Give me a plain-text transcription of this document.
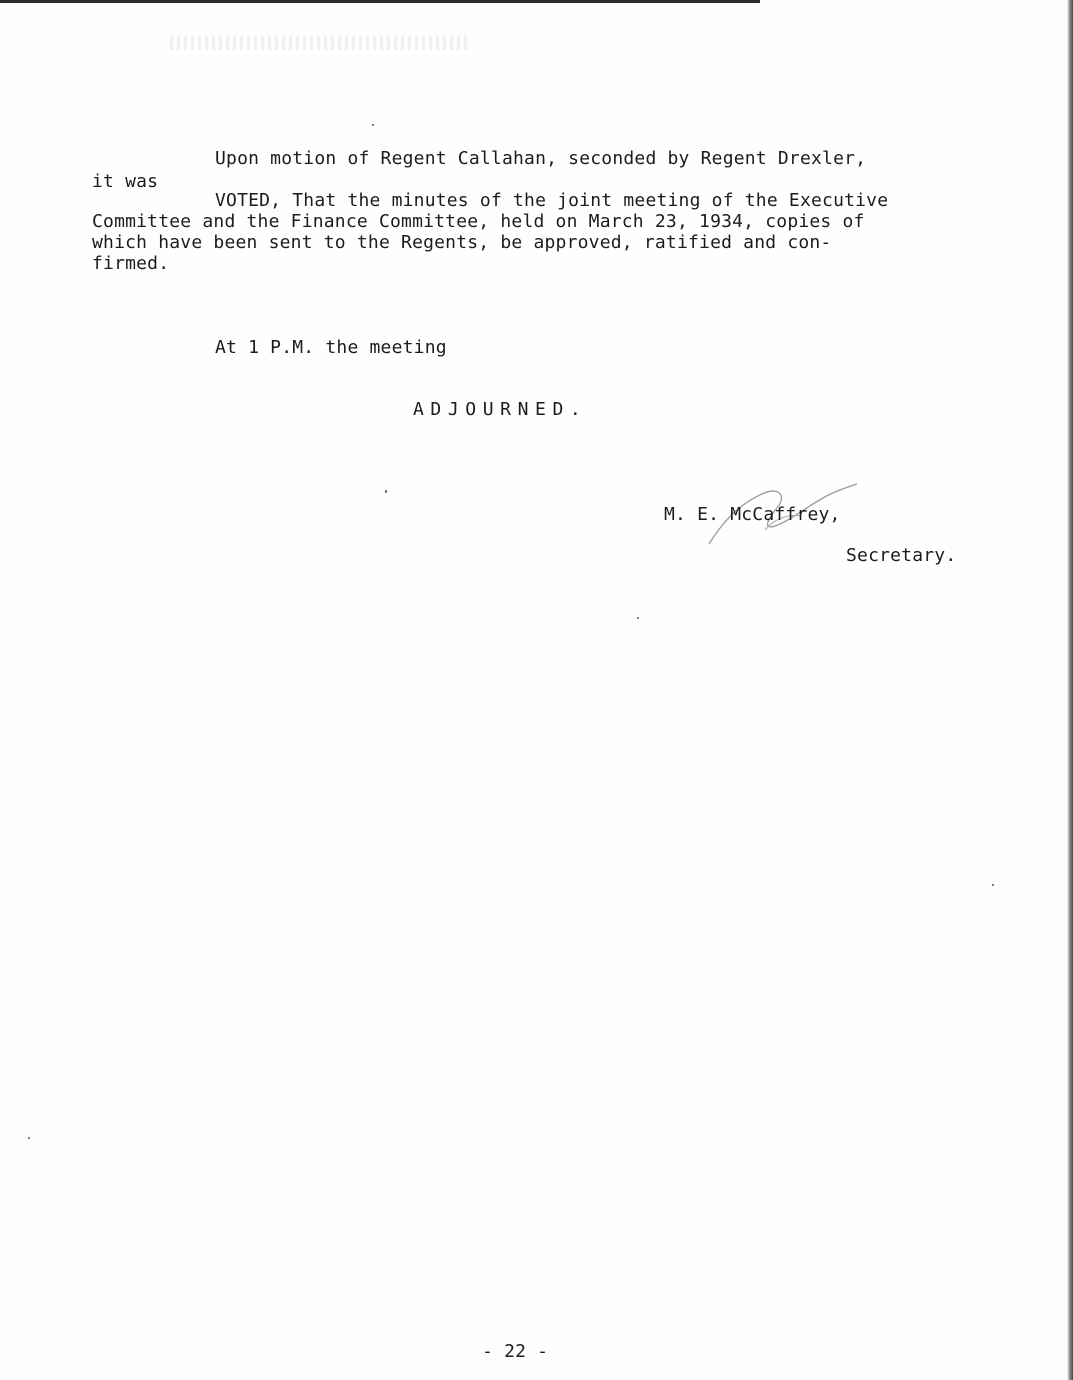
Upon motion of Regent Callahan, seconded by Regent Drexler,
it was
VOTED, That the minutes of the joint meeting of the Executive
Committee and the Finance Committee, held on March 23, 1934, copies of
which have been sent to the Regents, be approved, ratified and con-
firmed.
At 1 P.M. the meeting
ADJOURNED.
M. E. McCaffrey,
Secretary.
- 22 -
